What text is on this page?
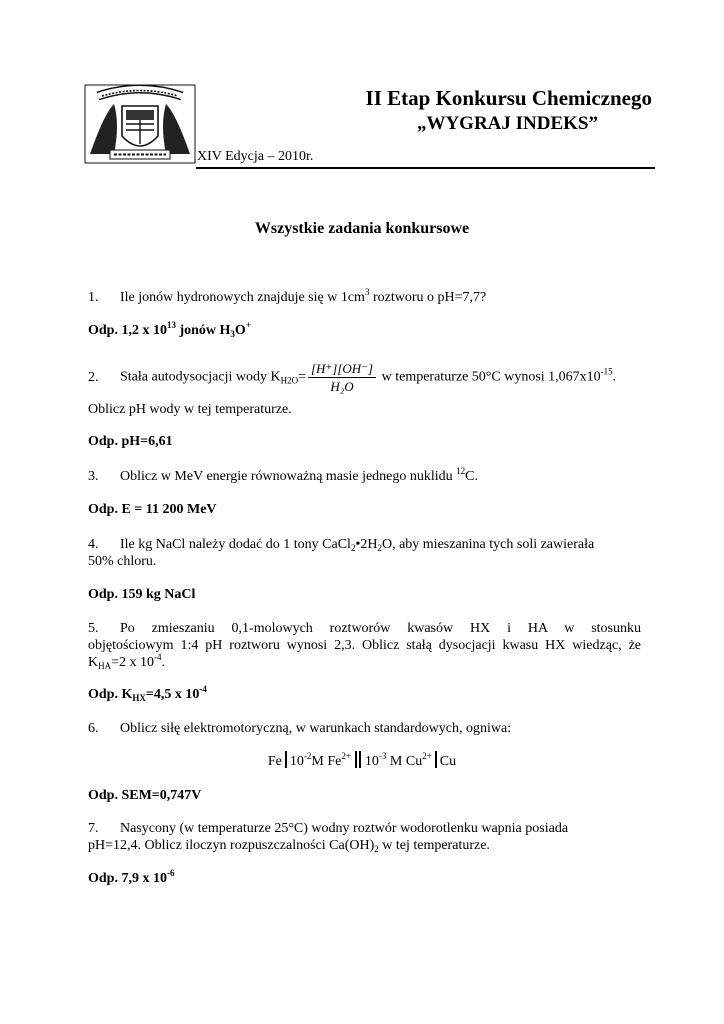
II Etap Konkursu Chemicznego
„WYGRAJ INDEKS”
XIV Edycja – 2010r.
Wszystkie zadania konkursowe
1. Ile jonów hydronowych znajduje się w $1cm^3$ roztworu o pH=7,7?
Odp. 1,2 x $10^{13}$ jonów $H_3O^+$
2. Stała autodysocjacji wody $K_{H2O}= \frac{[H^+][OH^-]}{\text{H₂O}}$ w temperaturze 50°C wynosi $1,067x10^{-15}$.
Oblicz pH wody w tej temperaturze.
Odp. pH=6,61
3. Oblicz w MeV energie równoważną masie jednego nuklidu $^{12}$C.
Odp. E = 11 200 MeV
4. Ile kg NaCl należy dodać do 1 tony $CaCl_2•2H_2O$, aby mieszanina tych soli zawierała
50% chloru.
Odp. 159 kg NaCl
5. Po zmieszaniu 0,1-molowych roztworów kwasów HX i HA w stosunku
objętościowym 1:4 pH roztworu wynosi 2,3. Oblicz stałą dysocjacji kwasu HX wiedząc, że
$K_{HA}=2$ x $10^{-4}$.
Odp. $K_{HX}=4,5$ x $10^{-4}$
6. Oblicz siłę elektromotoryczną, w warunkach standardowych, ogniwa:
Fe $10^{-2}M$ $Fe^{2+}$ $10^{-3}$ M $Cu^{2+}$ Cu
Odp. SEM=0,747V
7. Nasycony (w temperaturze 25°C) wodny roztwór wodorotlenku wapnia posiada
pH=12,4. Oblicz iloczyn rozpuszczalności $Ca(OH)_2$ w tej temperaturze.
Odp. 7,9 x $10^{-6}$
